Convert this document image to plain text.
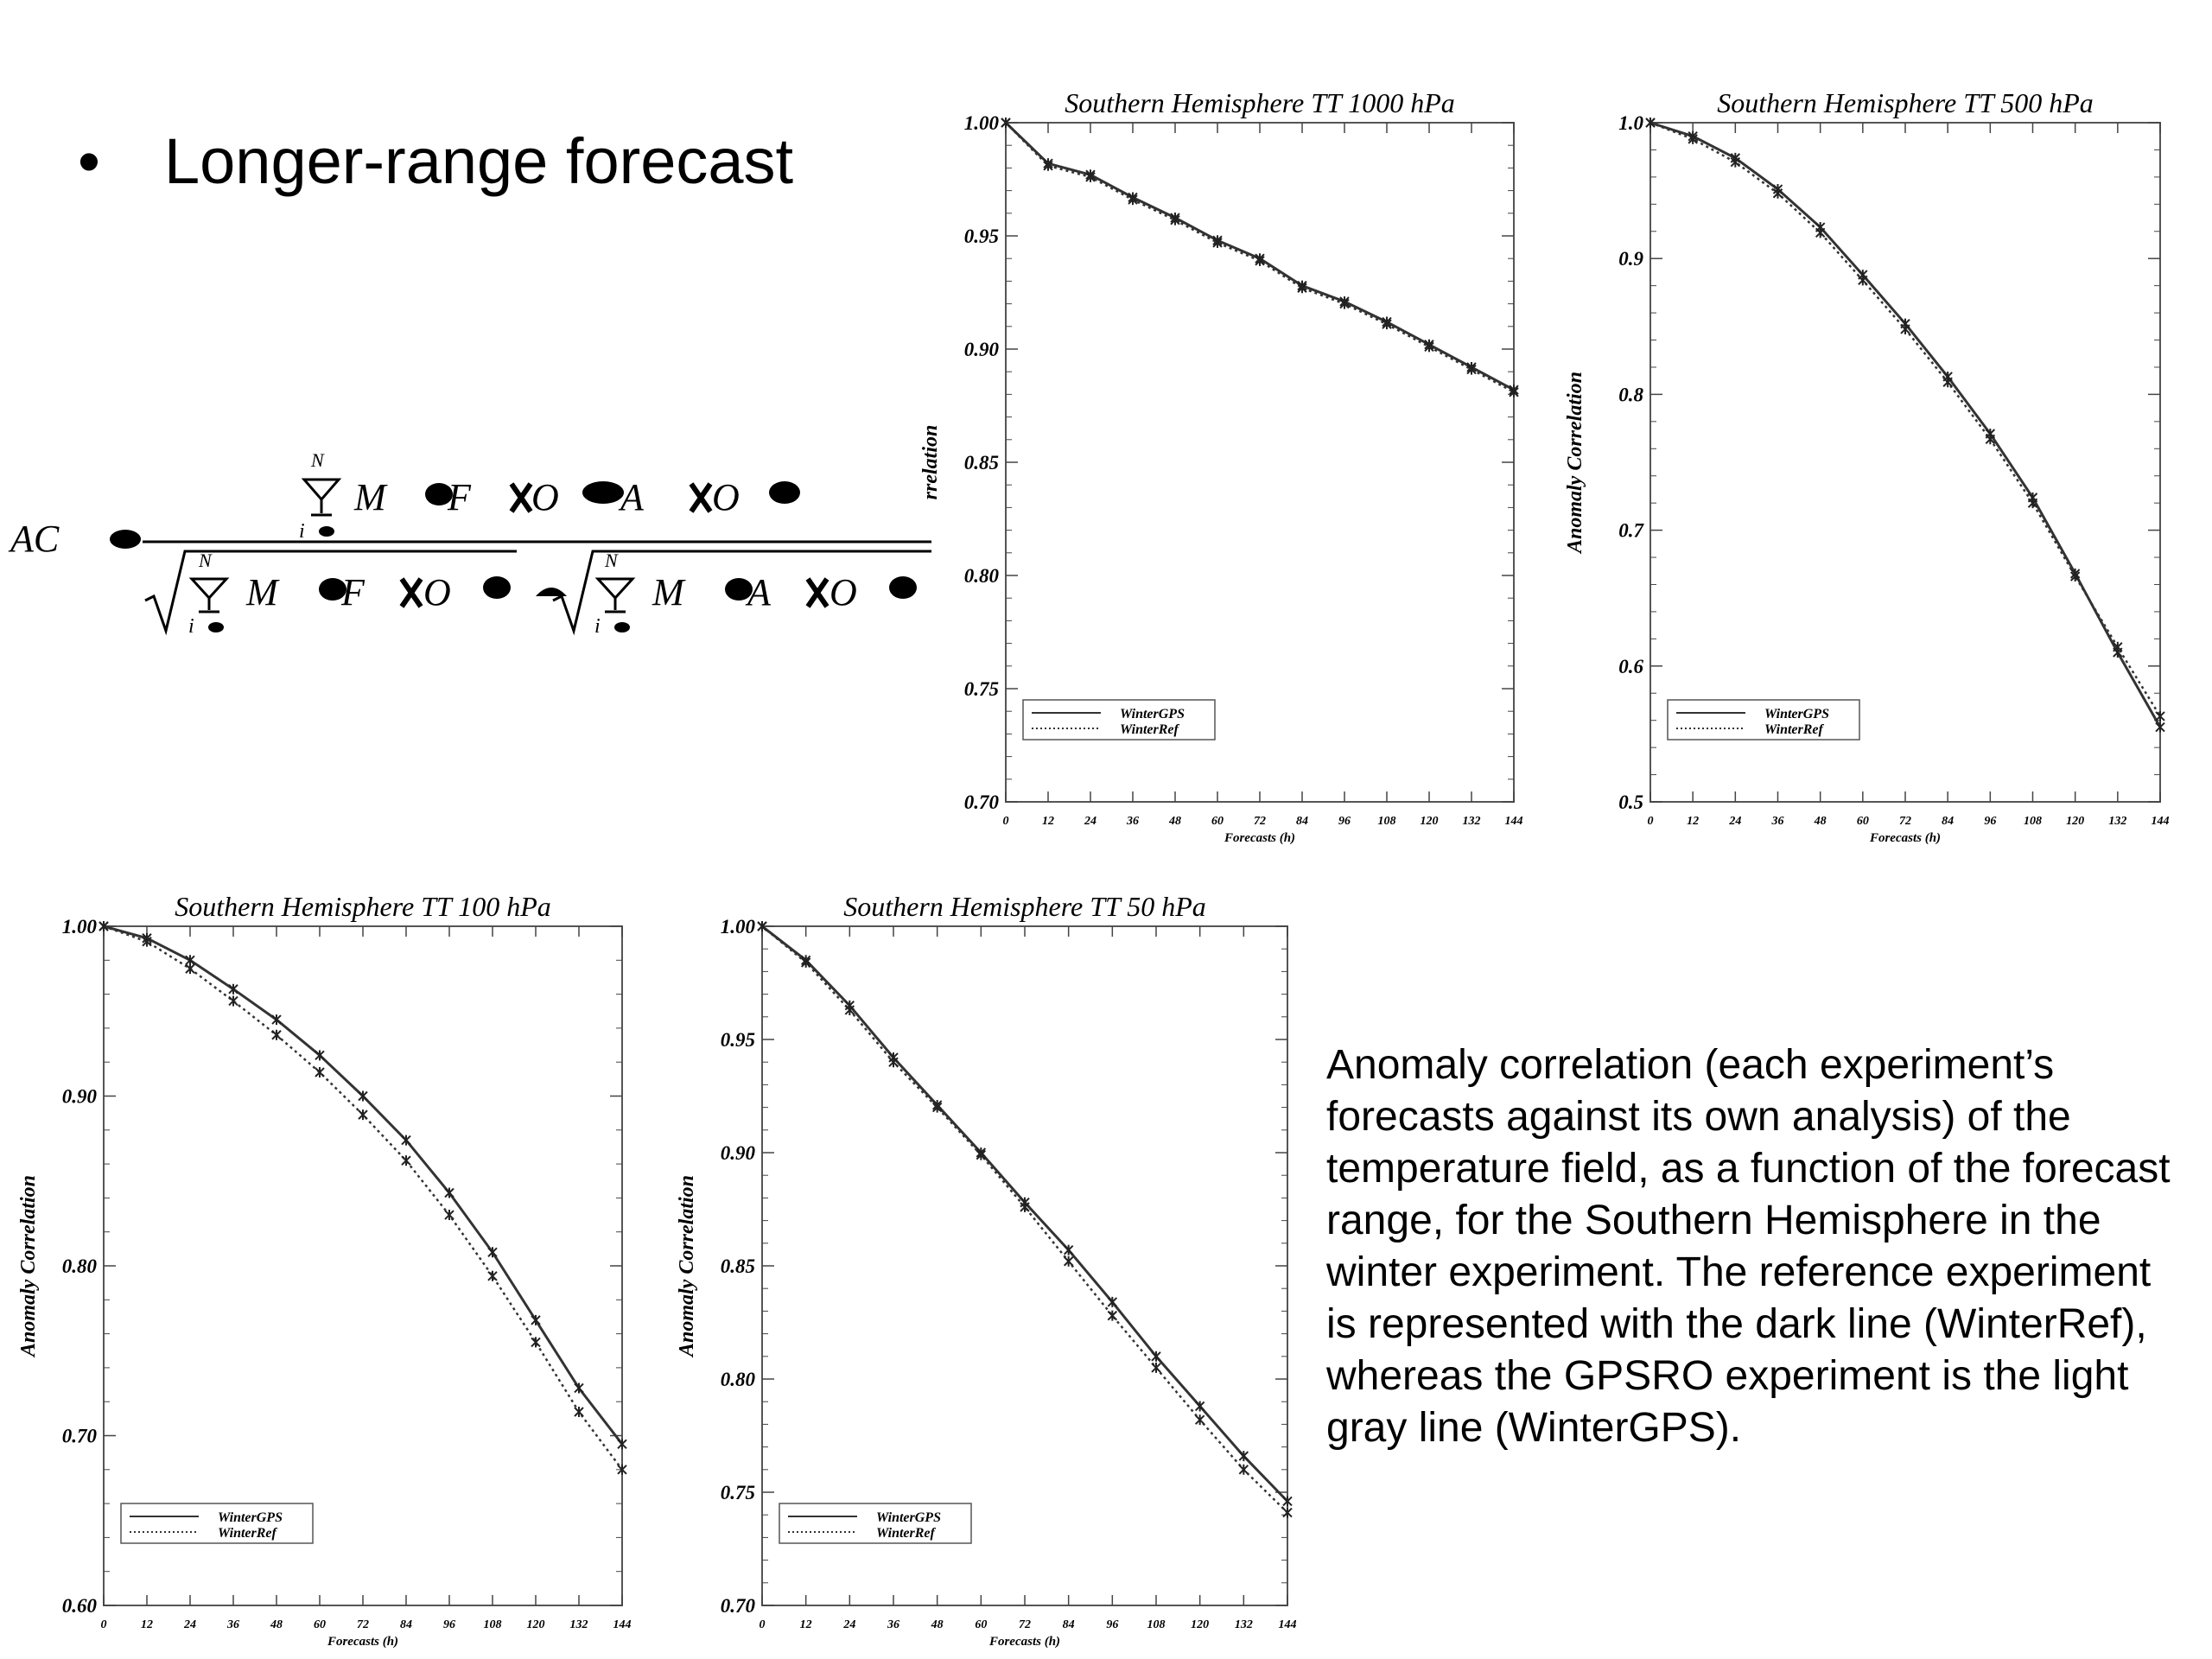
• Longer-range forecast
AC
N
i
M F O A O
N
i
M F O
N
i
M A O
Anomaly correlation (each experiment’s forecasts against its own analysis) of the temperature field, as a function of the forecast range, for the Southern Hemisphere in the winter experiment. The reference experiment is represented with the dark line (WinterRef), whereas the GPSRO experiment is the light gray line (WinterGPS).
Southern Hemisphere TT 1000 hPa
0	12	24	36	48	60	72	84	96 108 120 132 144
Forecasts (h)
0.70
0.75
0.80
0.85
0.90
0.95
1.00
rrelation
WinterGPS
WinterRef
Southern Hemisphere TT 500 hPa
0	12	24	36	48	60	72	84	96 108 120 132 144
Forecasts (h)
0.5
0.6
0.7
0.8
0.9
1.0
Anomaly Correlation
WinterGPS
WinterRef
Southern Hemisphere TT 100 hPa
0	12	24	36	48	60	72	84	96 108 120 132 144
Forecasts (h)
0.60
0.70
0.80
0.90
1.00
Anomaly Correlation
WinterGPS
WinterRef
Southern Hemisphere TT 50 hPa
0	12	24	36	48	60	72	84	96 108 120 132 144
Forecasts (h)
0.70
0.75
0.80
0.85
0.90
0.95
1.00
Anomaly Correlation
WinterGPS
WinterRef
